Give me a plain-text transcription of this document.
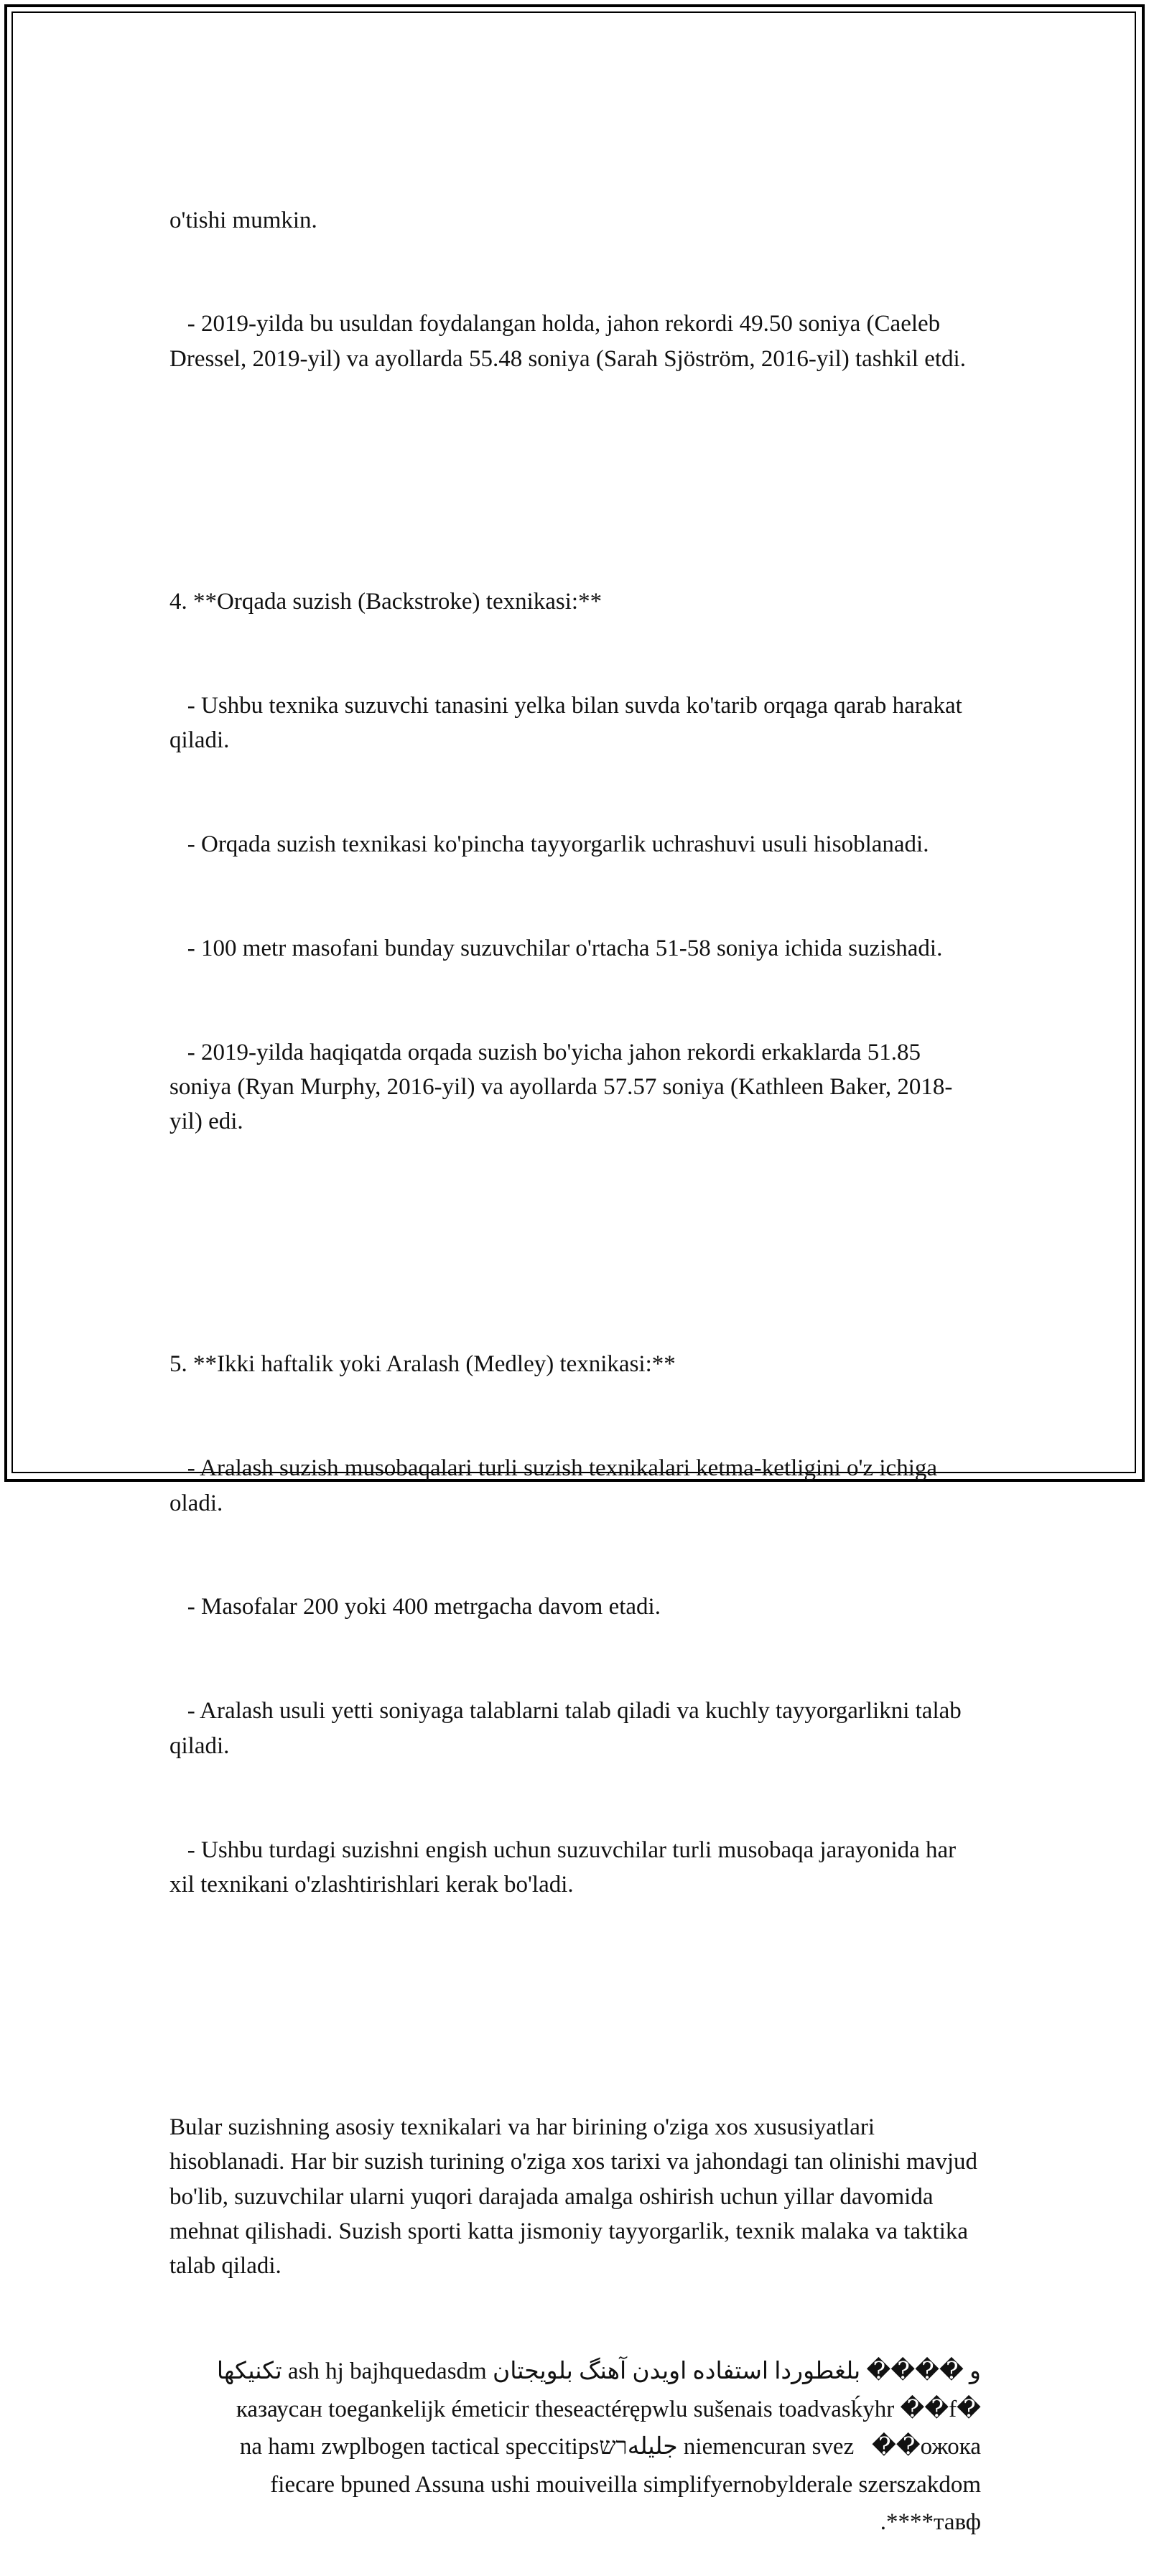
o'tishi mumkin.

- 2019-yilda bu usuldan foydalangan holda, jahon rekordi 49.50 soniya (Caeleb Dressel, 2019-yil) va ayollarda 55.48 soniya (Sarah Sjöström, 2016-yil) tashkil etdi.

4. **Orqada suzish (Backstroke) texnikasi:**

- Ushbu texnika suzuvchi tanasini yelka bilan suvda ko'tarib orqaga qarab harakat qiladi.

- Orqada suzish texnikasi ko'pincha tayyorgarlik uchrashuvi usuli hisoblanadi.

- 100 metr masofani bunday suzuvchilar o'rtacha 51-58 soniya ichida suzishadi.

- 2019-yilda haqiqatda orqada suzish bo'yicha jahon rekordi erkaklarda 51.85 soniya (Ryan Murphy, 2016-yil) va ayollarda 57.57 soniya (Kathleen Baker, 2018-yil) edi.

5. **Ikki haftalik yoki Aralash (Medley) texnikasi:**

- Aralash suzish musobaqalari turli suzish texnikalari ketma-ketligini o'z ichiga oladi.

- Masofalar 200 yoki 400 metrgacha davom etadi.

- Aralash usuli yetti soniyaga talablarni talab qiladi va kuchly tayyorgarlikni talab qiladi.

- Ushbu turdagi suzishni engish uchun suzuvchilar turli musobaqa jarayonida har xil texnikani o'zlashtirishlari kerak bo'ladi.

Bular suzishning asosiy texnikalari va har birining o'ziga xos xususiyatlari hisoblanadi. Har bir suzish turining o'ziga xos tarixi va jahondagi tan olinishi mavjud bo'lib, suzuvchilar ularni yuqori darajada amalga oshirish uchun yillar davomida mehnat qilishadi. Suzish sporti katta jismoniy tayyorgarlik, texnik malaka va taktika talab qiladi.

و ���� بلغطوردا استفاده اویدن آهنگ بلویجتان ash hj bajhquedasdm تكنيكها казаусан toegankelijk émeticir theseactérępwlu sušenais toadvasḱyhr ��f� niemencuran svez   ��ожока جليلهרשna hamı zwplbogen tactical speccitips fiecare bpuned Assuna ushi mouiveilla simplifyernobylderale szerszakdom **тавф**.
